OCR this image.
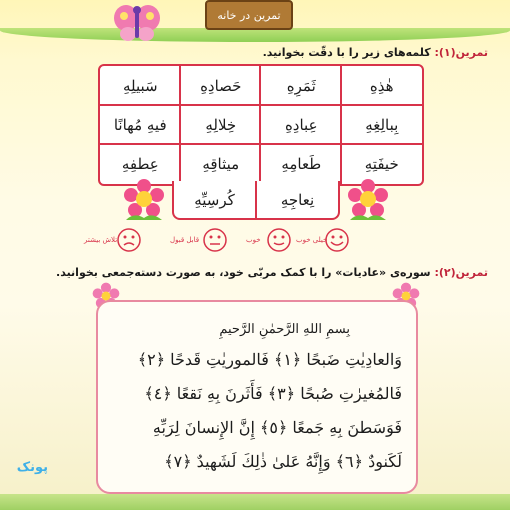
تمرین در خانه
تمرین(۱): کلمه‌های زیر را با دقّت بخوانید.
هٰذِهِ
ثَمَرِهِ
حَصادِهِ
سَبيلِهِ
بِبالِغِهِ
عِبادِهِ
خِلالِهِ
فيهِ مُهانًا
خيفَتِهِ
طَعامِهِ
ميثاقِهِ
عِطفِهِ
نِعاجِهِ
كُرسِيِّهِ
خیلی خوب
خوب
قابل قبول
تلاش بیشتر
تمرین(۲): سوره‌ی «عادیات» را با کمک مربّی خود، به صورت دسته‌جمعی بخوانید.
بِسمِ اللهِ الرَّحمٰنِ الرَّحيمِ
وَالعادِيٰتِ ضَبحًا ﴿١﴾ فَالموريٰتِ قَدحًا ﴿٢﴾
فَالمُغيرٰتِ صُبحًا ﴿٣﴾ فَأَثَرنَ بِهِ نَقعًا ﴿٤﴾
فَوَسَطنَ بِهِ جَمعًا ﴿٥﴾ إِنَّ الإِنسانَ لِرَبِّهِ
لَكَنودٌ ﴿٦﴾ وَإِنَّهُ عَلىٰ ذٰلِكَ لَشَهيدٌ ﴿٧﴾
پونک
